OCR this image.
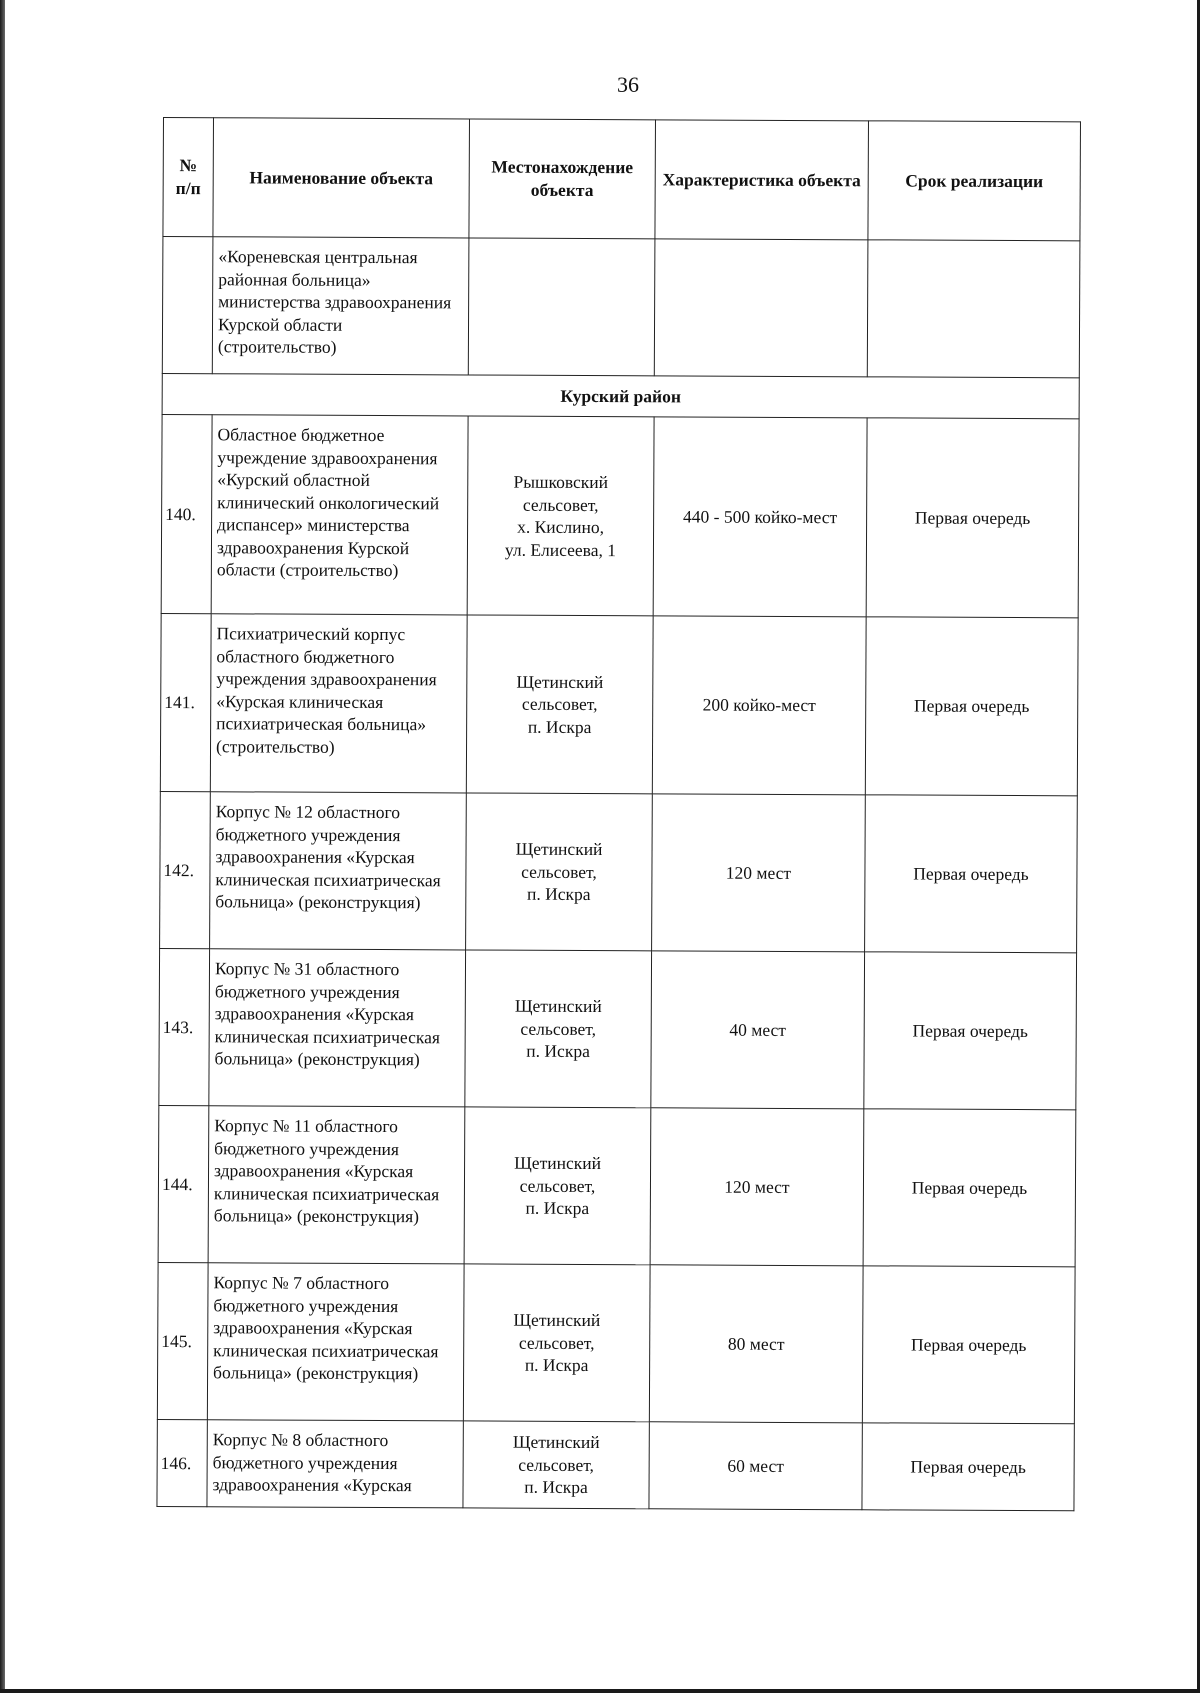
36
№
п/п	Наименование объекта	Местонахождение объекта	Характеристика объекта	Срок реализации
	«Кореневская центральная районная больница» министерства здравоохранения Курской области (строительство)			
Курский район				
140.	Областное бюджетное учреждение здравоохранения «Курский областной клинический онкологический диспансер» министерства здравоохранения Курской области (строительство)	Рышковский
сельсовет,
х. Кислино,
ул. Елисеева, 1	440 - 500 койко-мест	Первая очередь
141.	Психиатрический корпус областного бюджетного учреждения здравоохранения «Курская клиническая психиатрическая больница» (строительство)	Щетинский
сельсовет,
п. Искра	200 койко-мест	Первая очередь
142.	Корпус № 12 областного бюджетного учреждения здравоохранения «Курская клиническая психиатрическая больница» (реконструкция)	Щетинский
сельсовет,
п. Искра	120 мест	Первая очередь
143.	Корпус № 31 областного бюджетного учреждения здравоохранения «Курская клиническая психиатрическая больница» (реконструкция)	Щетинский
сельсовет,
п. Искра	40 мест	Первая очередь
144.	Корпус № 11 областного бюджетного учреждения здравоохранения «Курская клиническая психиатрическая больница» (реконструкция)	Щетинский
сельсовет,
п. Искра	120 мест	Первая очередь
145.	Корпус № 7 областного бюджетного учреждения здравоохранения «Курская клиническая психиатрическая больница» (реконструкция)	Щетинский
сельсовет,
п. Искра	80 мест	Первая очередь
146.	Корпус № 8 областного бюджетного учреждения здравоохранения «Курская	Щетинский
сельсовет,
п. Искра	60 мест	Первая очередь
